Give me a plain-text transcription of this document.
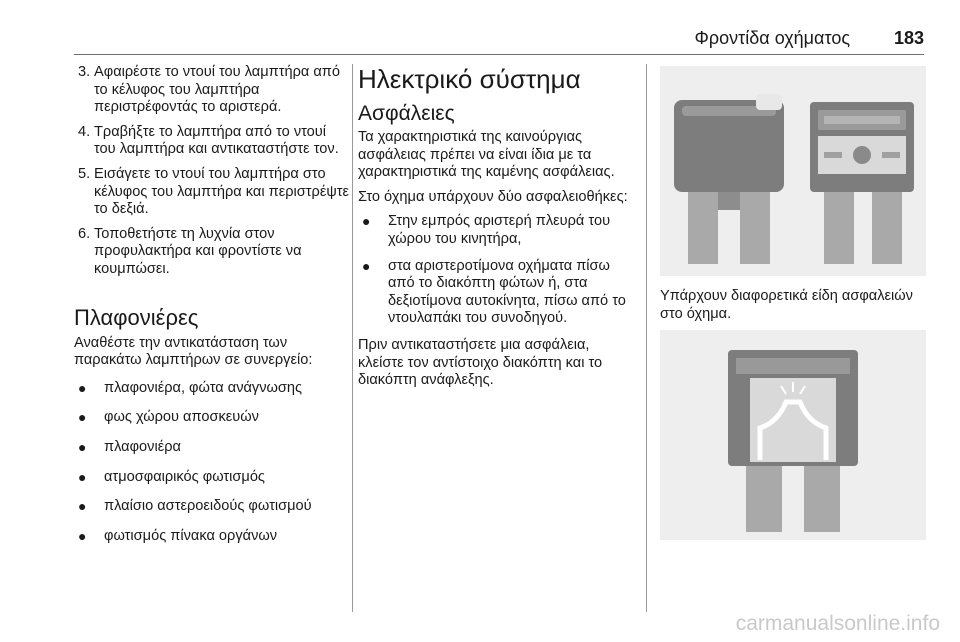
Φροντίδα οχήματος 183
3. Αφαιρέστε το ντουί του λαμπτήρα από το κέλυφος του λαμπτήρα περιστρέφοντάς το αριστερά.
4. Τραβήξτε το λαμπτήρα από το ντουί του λαμπτήρα και αντικαταστήστε τον.
5. Εισάγετε το ντουί του λαμπτήρα στο κέλυφος του λαμπτήρα και περιστρέψτε το δεξιά.
6. Τοποθετήστε τη λυχνία στον προφυλακτήρα και φροντίστε να κουμπώσει.
Πλαφονιέρες

Αναθέστε την αντικατάσταση των παρακάτω λαμπτήρων σε συνεργείο:

● πλαφονιέρα, φώτα ανάγνωσης
● φως χώρου αποσκευών
● πλαφονιέρα
● ατμοσφαιρικός φωτισμός
● πλαίσιο αστεροειδούς φωτισμού
● φωτισμός πίνακα οργάνων
Ηλεκτρικό σύστημα
Ασφάλειες

Τα χαρακτηριστικά της καινούργιας ασφάλειας πρέπει να είναι ίδια με τα χαρακτηριστικά της καμένης ασφάλειας.

Στο όχημα υπάρχουν δύο ασφαλειοθήκες:

● Στην εμπρός αριστερή πλευρά του χώρου του κινητήρα,
● στα αριστεροτίμονα οχήματα πίσω από το διακόπτη φώτων ή, στα δεξιοτίμονα αυτοκίνητα, πίσω από το ντουλαπάκι του συνοδηγού.

Πριν αντικαταστήσετε μια ασφάλεια, κλείστε τον αντίστοιχο διακόπτη και το διακόπτη ανάφλεξης.

Υπάρχουν διαφορετικά είδη ασφαλειών στο όχημα.

carmanualsonline.info
